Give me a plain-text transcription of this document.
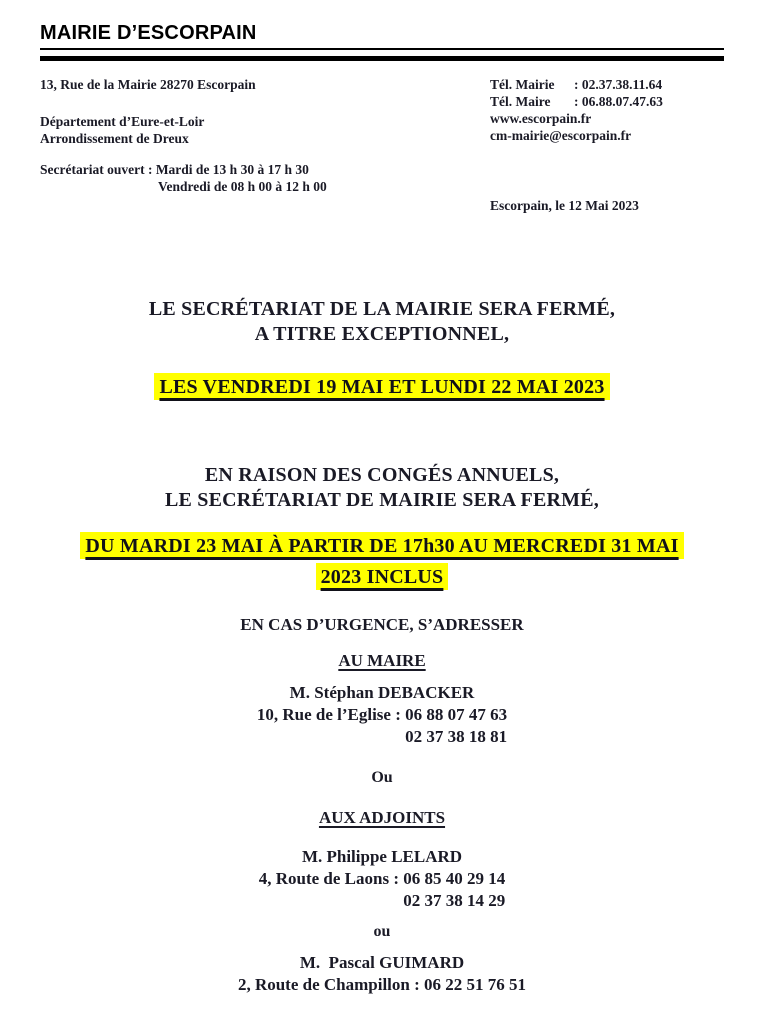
MAIRIE D’ESCORPAIN
13, Rue de la Mairie 28270 Escorpain
Département d’Eure-et-Loir
Arrondissement de Dreux
Secrétariat ouvert : Mardi de 13 h 30 à 17 h 30
Vendredi de 08 h 00 à 12 h 00
Tél. Mairie : 02.37.38.11.64
Tél. Maire : 06.88.07.47.63
www.escorpain.fr
cm-mairie@escorpain.fr
Escorpain, le 12 Mai 2023
LE SECRÉTARIAT DE LA MAIRIE SERA FERMÉ,
A TITRE EXCEPTIONNEL,
LES VENDREDI 19 MAI ET LUNDI 22 MAI 2023
EN RAISON DES CONGÉS ANNUELS,
LE SECRÉTARIAT DE MAIRIE SERA FERMÉ,
DU MARDI 23 MAI À PARTIR DE 17h30 AU MERCREDI 31 MAI
2023 INCLUS
EN CAS D’URGENCE, S’ADRESSER
AU MAIRE
M. Stéphan DEBACKER
10, Rue de l’Eglise : 06 88 07 47 63
02 37 38 18 81
Ou
AUX ADJOINTS
M. Philippe LELARD
4, Route de Laons : 06 85 40 29 14
02 37 38 14 29
ou
M.  Pascal GUIMARD
2, Route de Champillon : 06 22 51 76 51
